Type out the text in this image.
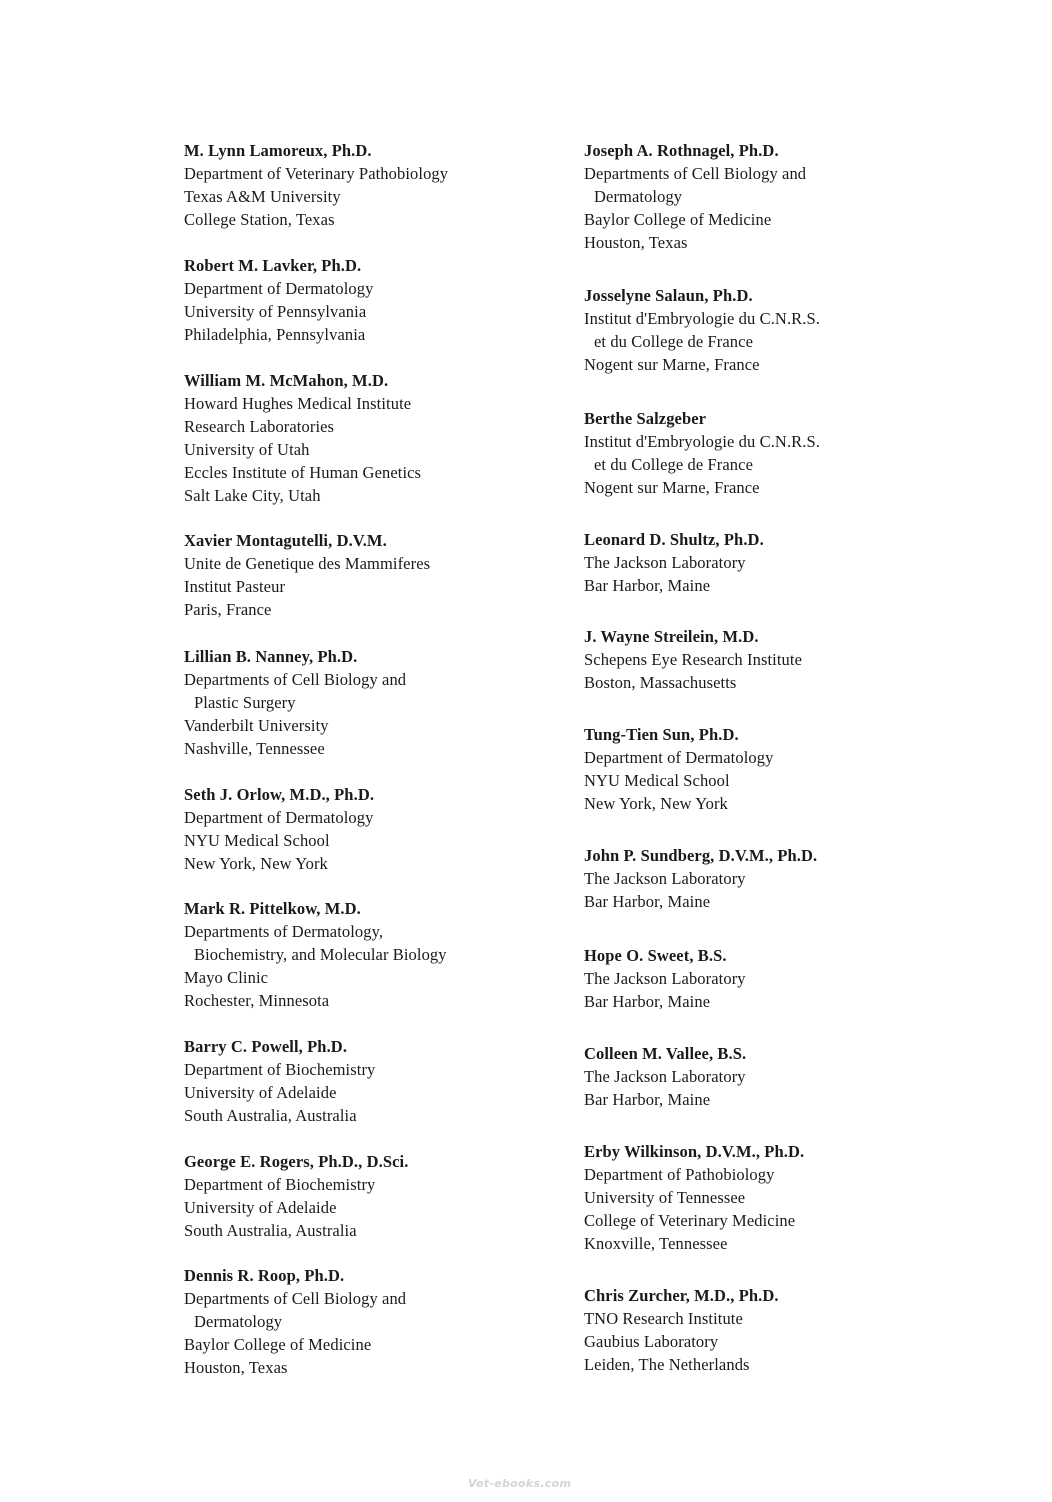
M. Lynn Lamoreux, Ph.D.
Department of Veterinary Pathobiology
Texas A&M University
College Station, Texas
Robert M. Lavker, Ph.D.
Department of Dermatology
University of Pennsylvania
Philadelphia, Pennsylvania
William M. McMahon, M.D.
Howard Hughes Medical Institute
Research Laboratories
University of Utah
Eccles Institute of Human Genetics
Salt Lake City, Utah
Xavier Montagutelli, D.V.M.
Unite de Genetique des Mammiferes
Institut Pasteur
Paris, France
Lillian B. Nanney, Ph.D.
Departments of Cell Biology and
Plastic Surgery
Vanderbilt University
Nashville, Tennessee
Seth J. Orlow, M.D., Ph.D.
Department of Dermatology
NYU Medical School
New York, New York
Mark R. Pittelkow, M.D.
Departments of Dermatology,
Biochemistry, and Molecular Biology
Mayo Clinic
Rochester, Minnesota
Barry C. Powell, Ph.D.
Department of Biochemistry
University of Adelaide
South Australia, Australia
George E. Rogers, Ph.D., D.Sci.
Department of Biochemistry
University of Adelaide
South Australia, Australia
Dennis R. Roop, Ph.D.
Departments of Cell Biology and
Dermatology
Baylor College of Medicine
Houston, Texas
Joseph A. Rothnagel, Ph.D.
Departments of Cell Biology and
Dermatology
Baylor College of Medicine
Houston, Texas
Josselyne Salaun, Ph.D.
Institut d'Embryologie du C.N.R.S.
et du College de France
Nogent sur Marne, France
Berthe Salzgeber
Institut d'Embryologie du C.N.R.S.
et du College de France
Nogent sur Marne, France
Leonard D. Shultz, Ph.D.
The Jackson Laboratory
Bar Harbor, Maine
J. Wayne Streilein, M.D.
Schepens Eye Research Institute
Boston, Massachusetts
Tung-Tien Sun, Ph.D.
Department of Dermatology
NYU Medical School
New York, New York
John P. Sundberg, D.V.M., Ph.D.
The Jackson Laboratory
Bar Harbor, Maine
Hope O. Sweet, B.S.
The Jackson Laboratory
Bar Harbor, Maine
Colleen M. Vallee, B.S.
The Jackson Laboratory
Bar Harbor, Maine
Erby Wilkinson, D.V.M., Ph.D.
Department of Pathobiology
University of Tennessee
College of Veterinary Medicine
Knoxville, Tennessee
Chris Zurcher, M.D., Ph.D.
TNO Research Institute
Gaubius Laboratory
Leiden, The Netherlands
Vet-ebooks.com
